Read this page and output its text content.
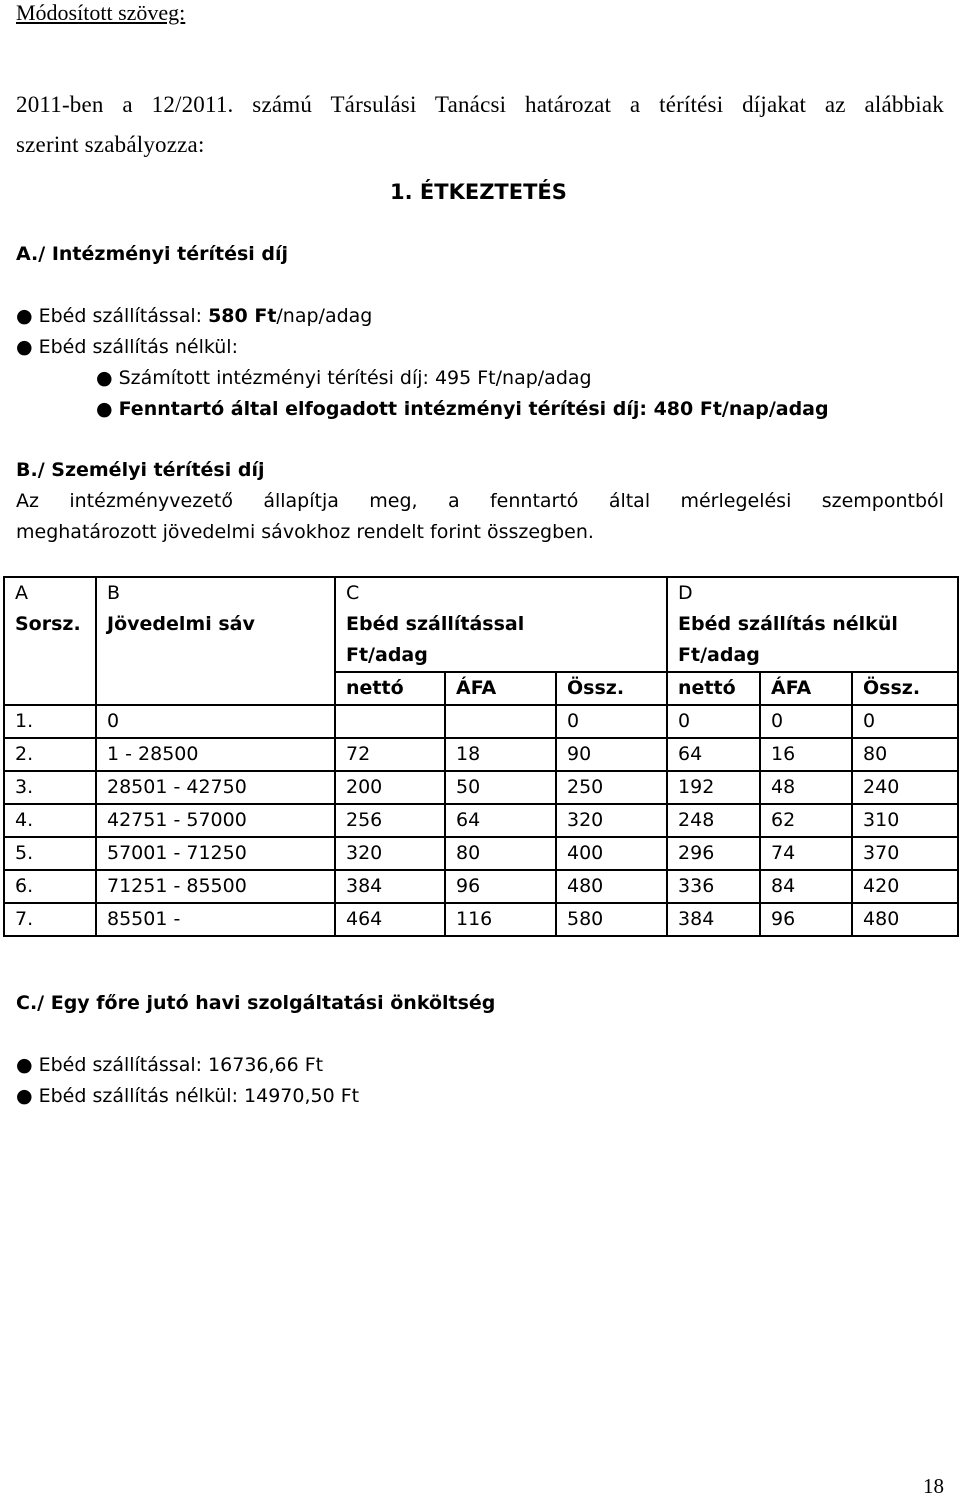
Módosított szöveg:
2011-ben a 12/2011. számú Társulási Tanácsi határozat a térítési díjakat az alábbiak
szerint szabályozza:
1. ÉTKEZTETÉS
A./ Intézményi térítési díj
● Ebéd szállítással: 580 Ft/nap/adag
● Ebéd szállítás nélkül:
● Számított intézményi térítési díj: 495 Ft/nap/adag
● Fenntartó által elfogadott intézményi térítési díj: 480 Ft/nap/adag
B./ Személyi térítési díj
Az intézményvezető állapítja meg, a fenntartó által mérlegelési szempontból
meghatározott jövedelmi sávokhoz rendelt forint összegben.
A	B	C			D		
Sorsz.	Jövedelmi sáv	Ebéd szállítással			Ebéd szállítás nélkül		
		Ft/adag			Ft/adag		
		nettó	ÁFA	Össz.	nettó	ÁFA	Össz.
1.	0			0	0	0	0
2.	1 - 28500	72	18	90	64	16	80
3.	28501 - 42750	200	50	250	192	48	240
4.	42751 - 57000	256	64	320	248	62	310
5.	57001 - 71250	320	80	400	296	74	370
6.	71251 - 85500	384	96	480	336	84	420
7.	85501 -	464	116	580	384	96	480
C./ Egy főre jutó havi szolgáltatási önköltség
● Ebéd szállítással: 16736,66 Ft
● Ebéd szállítás nélkül: 14970,50 Ft
18
